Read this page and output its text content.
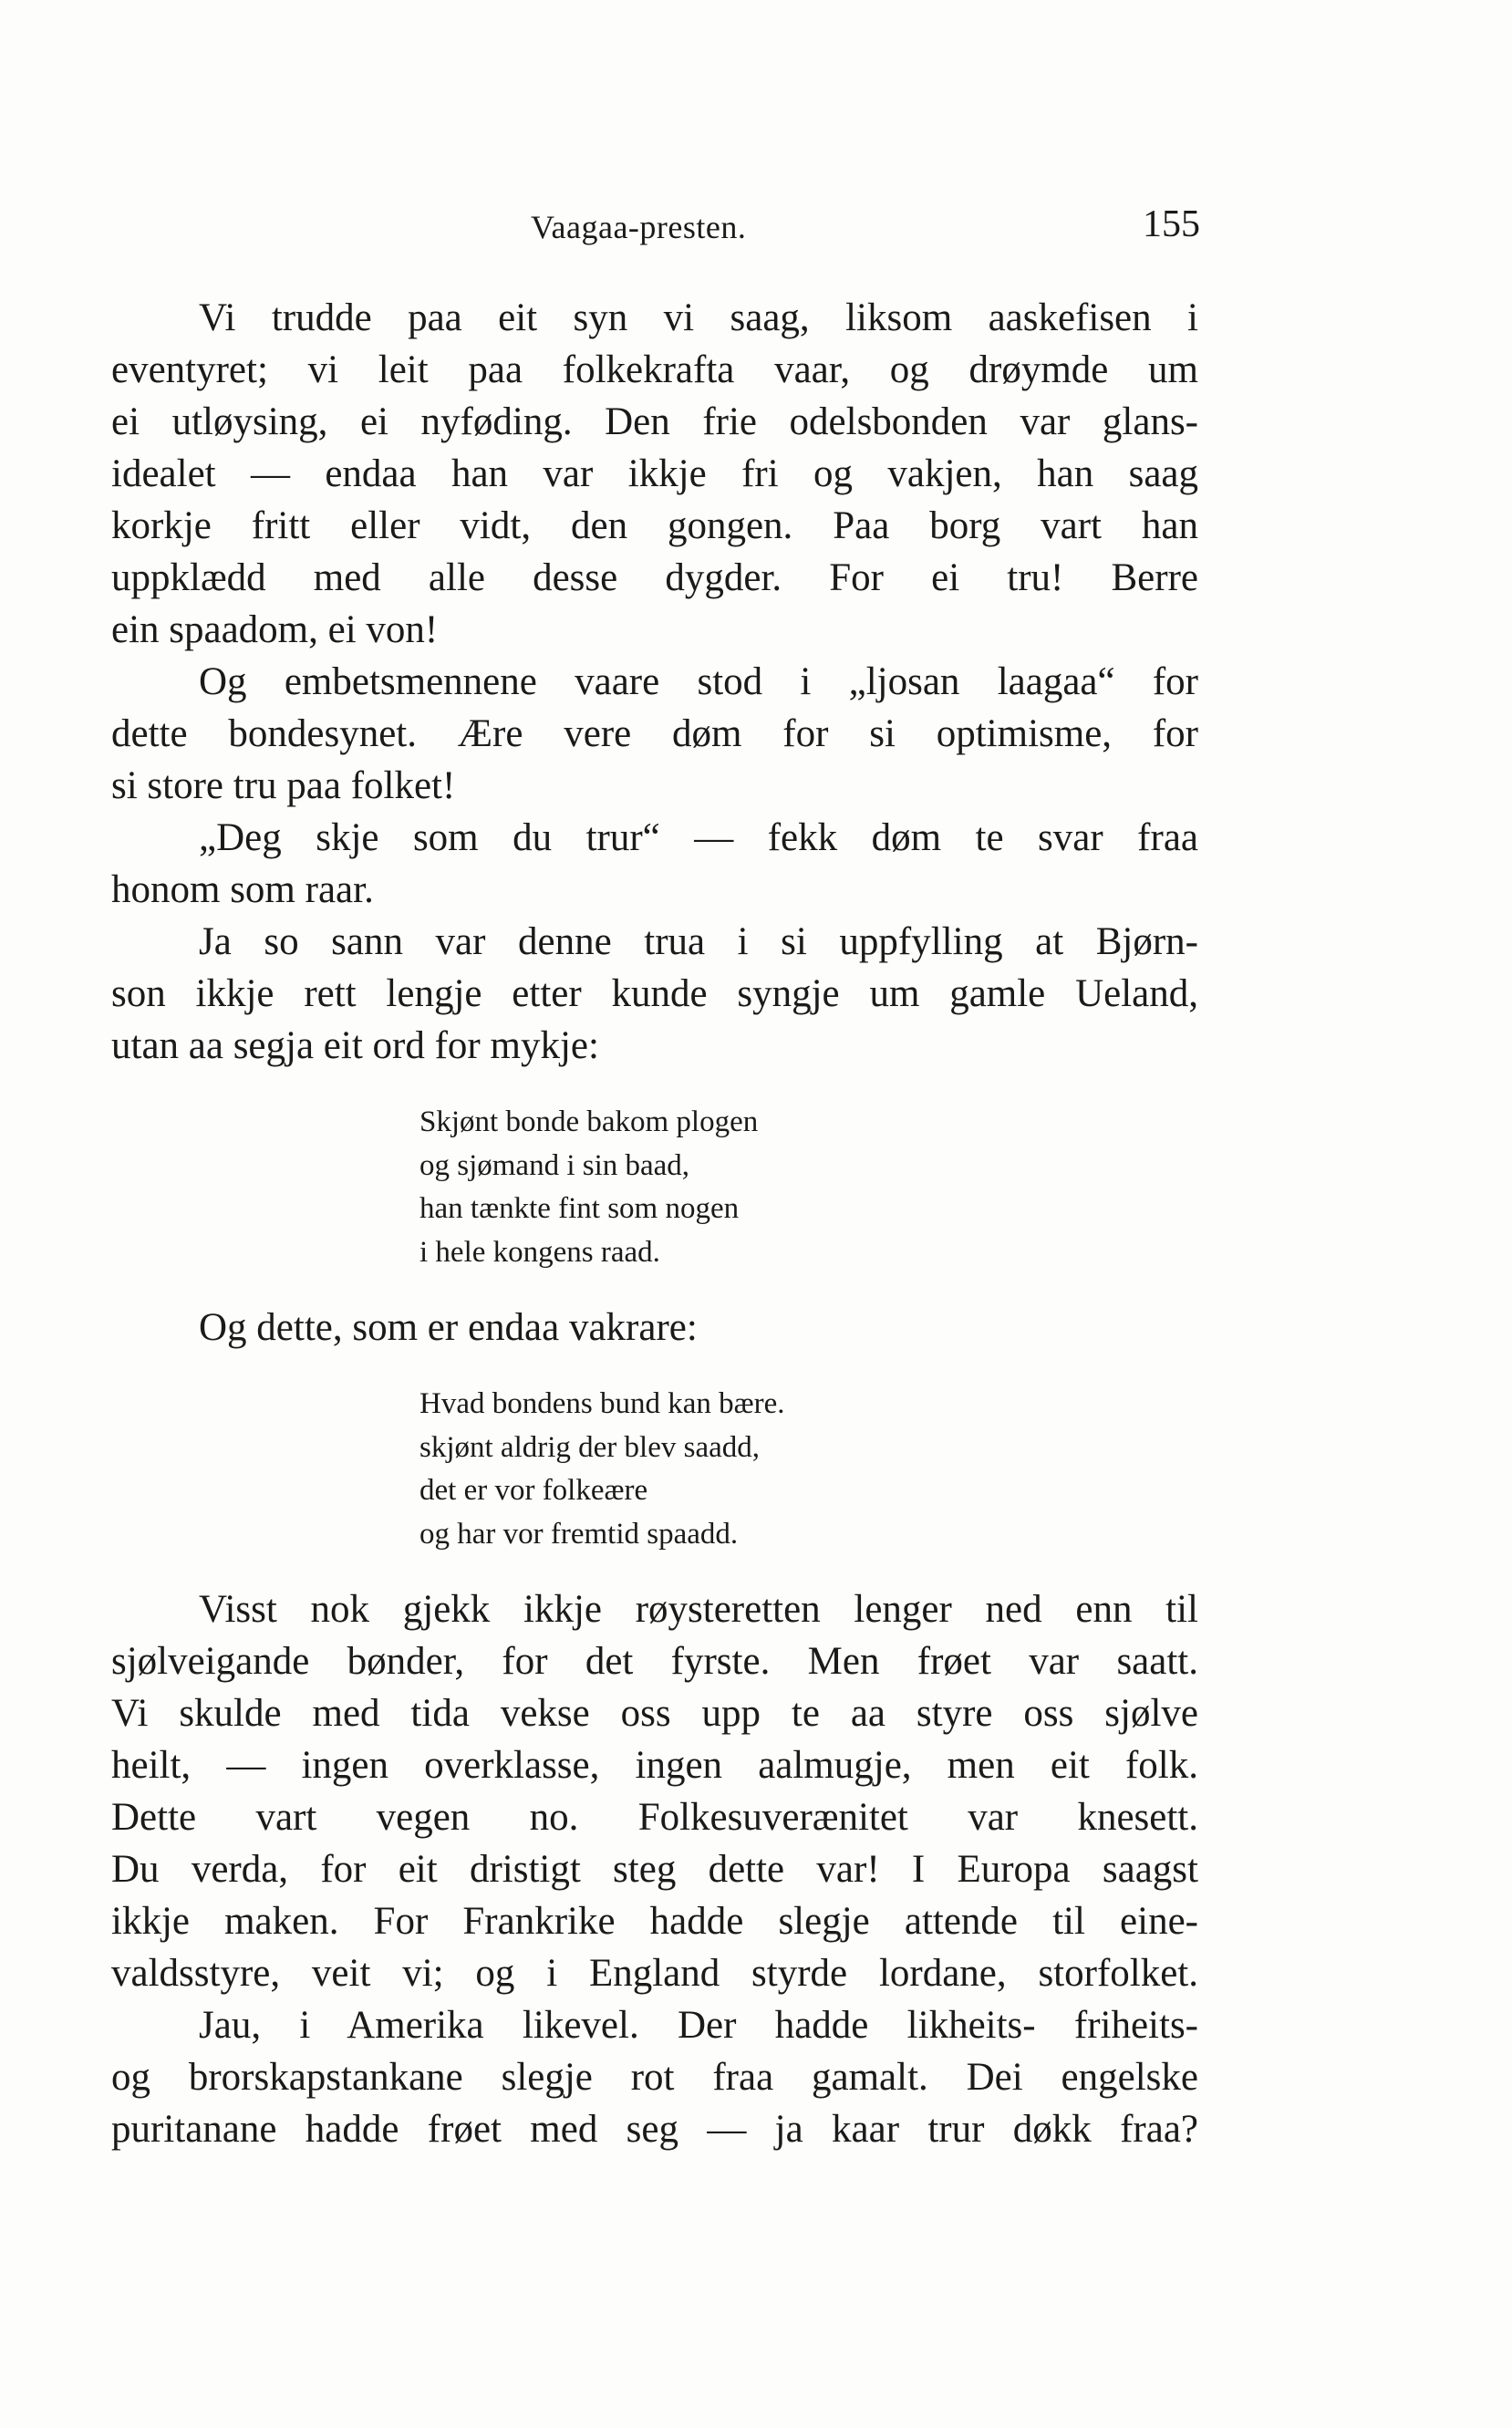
Vaagaa-presten.	155
Vi trudde paa eit syn vi saag, liksom aaskefisen i
eventyret; vi leit paa folkekrafta vaar, og drøymde um
ei utløysing, ei nyføding. Den frie odelsbonden var glans-
idealet — endaa han var ikkje fri og vakjen, han saag
korkje fritt eller vidt, den gongen. Paa borg vart han
uppklædd med alle desse dygder. For ei tru! Berre
ein spaadom, ei von!
Og embetsmennene vaare stod i „ljosan laagaa“ for
dette bondesynet. Ære vere døm for si optimisme, for
si store tru paa folket!
„Deg skje som du trur“ — fekk døm te svar fraa
honom som raar.
Ja so sann var denne trua i si uppfylling at Bjørn-
son ikkje rett lengje etter kunde syngje um gamle Ueland,
utan aa segja eit ord for mykje:
Skjønt bonde bakom plogen
og sjømand i sin baad,
han tænkte fint som nogen
i hele kongens raad.
Og dette, som er endaa vakrare:
Hvad bondens bund kan bære.
skjønt aldrig der blev saadd,
det er vor folkeære
og har vor fremtid spaadd.
Visst nok gjekk ikkje røysteretten lenger ned enn til
sjølveigande bønder, for det fyrste. Men frøet var saatt.
Vi skulde med tida vekse oss upp te aa styre oss sjølve
heilt, — ingen overklasse, ingen aalmugje, men eit folk.
Dette vart vegen no. Folkesuverænitet var knesett.
Du verda, for eit dristigt steg dette var! I Europa saagst
ikkje maken. For Frankrike hadde slegje attende til eine-
valdsstyre, veit vi; og i England styrde lordane, storfolket.
Jau, i Amerika likevel. Der hadde likheits- friheits-
og brorskapstankane slegje rot fraa gamalt. Dei engelske
puritanane hadde frøet med seg — ja kaar trur døkk fraa?
